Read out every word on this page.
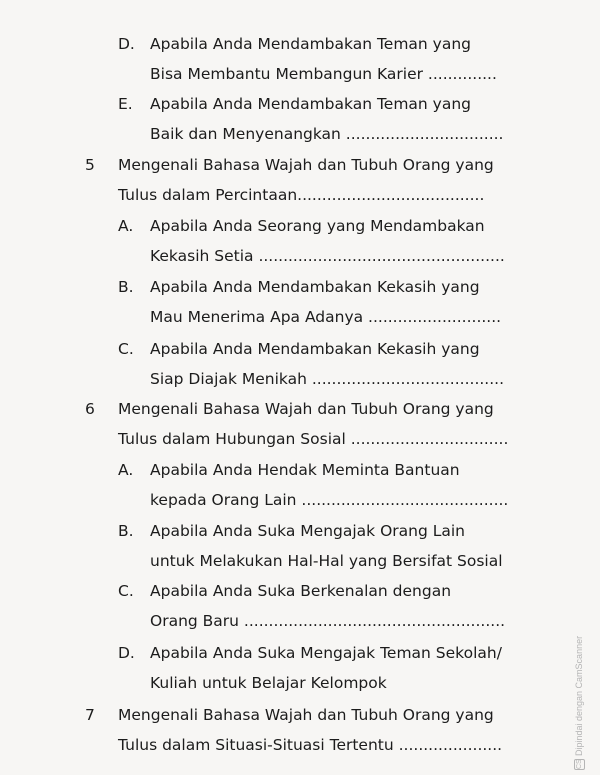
D. Apabila Anda Mendambakan Teman yang
Bisa Membantu Membangun Karier ..............
E. Apabila Anda Mendambakan Teman yang
Baik dan Menyenangkan ................................
5 Mengenali Bahasa Wajah dan Tubuh Orang yang
Tulus dalam Percintaan......................................
A. Apabila Anda Seorang yang Mendambakan
Kekasih Setia ..................................................
B. Apabila Anda Mendambakan Kekasih yang
Mau Menerima Apa Adanya ...........................
C. Apabila Anda Mendambakan Kekasih yang
Siap Diajak Menikah .......................................
6 Mengenali Bahasa Wajah dan Tubuh Orang yang
Tulus dalam Hubungan Sosial ................................
A. Apabila Anda Hendak Meminta Bantuan
kepada Orang Lain ..........................................
B. Apabila Anda Suka Mengajak Orang Lain
untuk Melakukan Hal-Hal yang Bersifat Sosial
C. Apabila Anda Suka Berkenalan dengan
Orang Baru .....................................................
D. Apabila Anda Suka Mengajak Teman Sekolah/
Kuliah untuk Belajar Kelompok
7 Mengenali Bahasa Wajah dan Tubuh Orang yang
Tulus dalam Situasi-Situasi Tertentu .....................
CSDipindai dengan CamScanner
